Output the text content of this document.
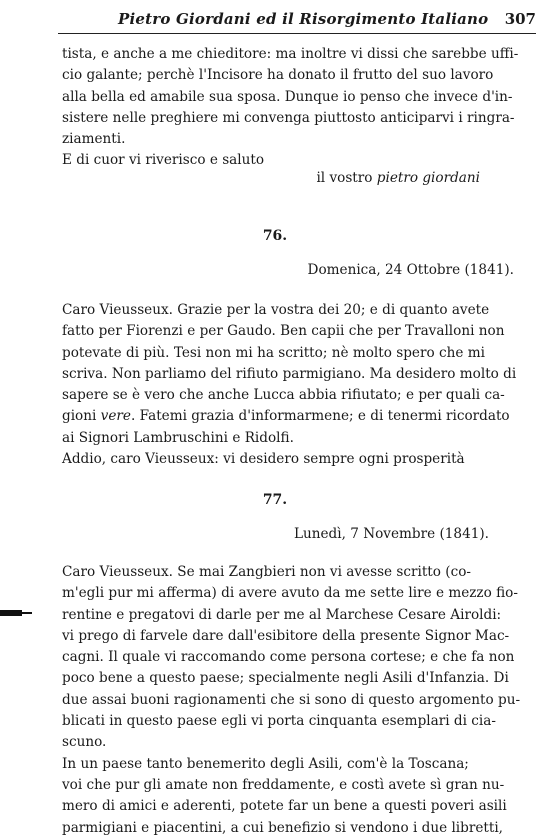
Pietro Giordani ed il Risorgimento Italiano 307

tista, e anche a me chieditore: ma inoltre vi dissi che sarebbe uffi-

cio galante; perchè l'Incisore ha donato il frutto del suo lavoro

alla bella ed amabile sua sposa. Dunque io penso che invece d'in-

sistere nelle preghiere mi convenga piuttosto anticiparvi i ringra-

ziamenti.

E di cuor vi riverisco e saluto

il vostro pietro giordani
76.
Domenica, 24 Ottobre (1841).

Caro Vieusseux. Grazie per la vostra dei 20; e di quanto avete

fatto per Fiorenzi e per Gaudo. Ben capii che per Travalloni non

potevate di più. Tesi non mi ha scritto; nè molto spero che mi

scriva. Non parliamo del rifiuto parmigiano. Ma desidero molto di

sapere se è vero che anche Lucca abbia rifiutato; e per quali ca-

gioni vere. Fatemi grazia d'informarmene; e di tenermi ricordato

ai Signori Lambruschini e Ridolfi.

Addio, caro Vieusseux: vi desidero sempre ogni prosperità

77.
Lunedì, 7 Novembre (1841).

Caro Vieusseux. Se mai Zangbieri non vi avesse scritto (co-

m'egli pur mi afferma) di avere avuto da me sette lire e mezzo fio-

rentine e pregatovi di darle per me al Marchese Cesare Airoldi:

vi prego di farvele dare dall'esibitore della presente Signor Mac-

cagni. Il quale vi raccomando come persona cortese; e che fa non

poco bene a questo paese; specialmente negli Asili d'Infanzia. Di

due assai buoni ragionamenti che si sono di questo argomento pu-

blicati in questo paese egli vi porta cinquanta esemplari di cia-

scuno.

In un paese tanto benemerito degli Asili, com'è la Toscana;

voi che pur gli amate non freddamente, e costì avete sì gran nu-

mero di amici e aderenti, potete far un bene a questi poveri asili

parmigiani e piacentini, a cui benefizio si vendono i due libretti,
